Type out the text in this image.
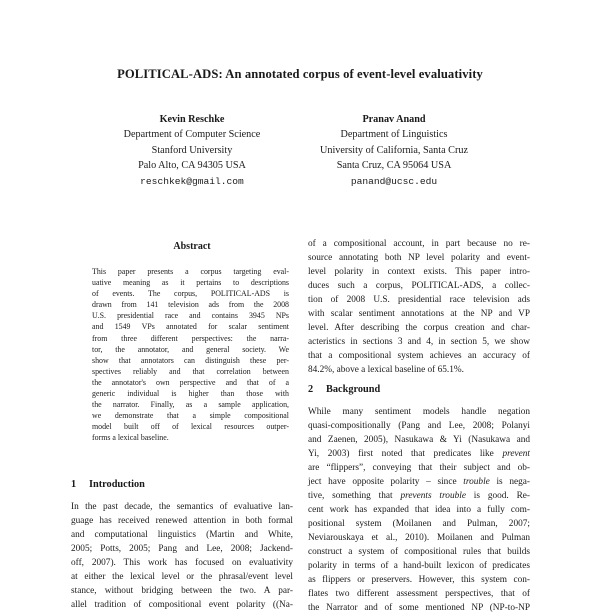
POLITICAL-ADS: An annotated corpus of event-level evaluativity
Kevin Reschke
Department of Computer Science
Stanford University
Palo Alto, CA 94305 USA
reschkek@gmail.com
Pranav Anand
Department of Linguistics
University of California, Santa Cruz
Santa Cruz, CA 95064 USA
panand@ucsc.edu
Abstract
This paper presents a corpus targeting eval-
uative meaning as it pertains to descriptions
of events. The corpus, POLITICAL-ADS is
drawn from 141 television ads from the 2008
U.S. presidential race and contains 3945 NPs
and 1549 VPs annotated for scalar sentiment
from three different perspectives: the narra-
tor, the annotator, and general society. We
show that annotators can distinguish these per-
spectives reliably and that correlation between
the annotator's own perspective and that of a
generic individual is higher than those with
the narrator. Finally, as a sample application,
we demonstrate that a simple compositional
model built off of lexical resources outper-
forms a lexical baseline.
1 Introduction
In the past decade, the semantics of evaluative lan-
guage has received renewed attention in both formal
and computational linguistics (Martin and White,
2005; Potts, 2005; Pang and Lee, 2008; Jackend-
off, 2007). This work has focused on evaluativity
at either the lexical level or the phrasal/event level
stance, without bridging between the two. A par-
allel tradition of compositional event polarity ((Na-
of a compositional account, in part because no re-
source annotating both NP level polarity and event-
level polarity in context exists. This paper intro-
duces such a corpus, POLITICAL-ADS, a collec-
tion of 2008 U.S. presidential race television ads
with scalar sentiment annotations at the NP and VP
level. After describing the corpus creation and char-
acteristics in sections 3 and 4, in section 5, we show
that a compositional system achieves an accuracy of
84.2%, above a lexical baseline of 65.1%.
2 Background
While many sentiment models handle negation
quasi-compositionally (Pang and Lee, 2008; Polanyi
and Zaenen, 2005), Nasukawa & Yi (Nasukawa and
Yi, 2003) first noted that predicates like prevent
are “flippers”, conveying that their subject and ob-
ject have opposite polarity – since trouble is nega-
tive, something that prevents trouble is good. Re-
cent work has expanded that idea into a fully com-
positional system (Moilanen and Pulman, 2007;
Neviarouskaya et al., 2010). Moilanen and Pulman
construct a system of compositional rules that builds
polarity in terms of a hand-built lexicon of predicates
as flippers or preservers. However, this system con-
flates two different assessment perspectives, that of
the Narrator and of some mentioned NP (NP-to-NP
